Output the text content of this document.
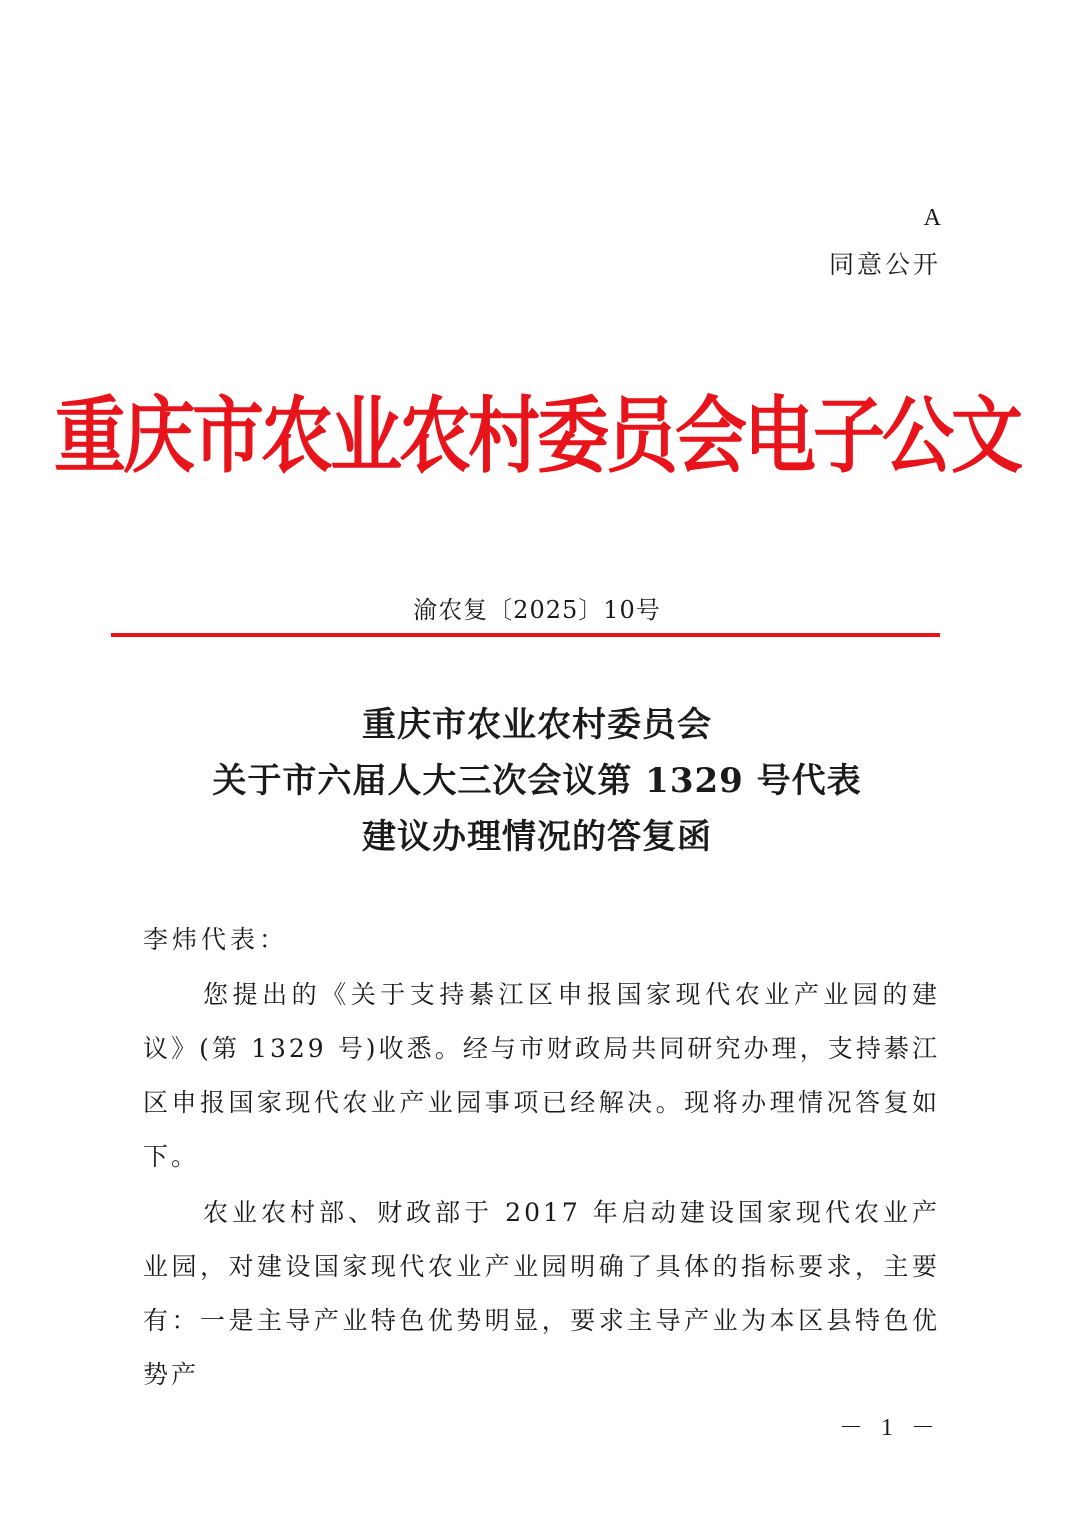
A
同意公开
重庆市农业农村委员会电子公文
渝农复〔2025〕10号
重庆市农业农村委员会
关于市六届人大三次会议第 1329 号代表
建议办理情况的答复函
李炜代表：

您提出的《关于支持綦江区申报国家现代农业产业园的建议》(第 1329 号)收悉。经与市财政局共同研究办理，支持綦江区申报国家现代农业产业园事项已经解决。现将办理情况答复如下。

农业农村部、财政部于 2017 年启动建设国家现代农业产业园，对建设国家现代农业产业园明确了具体的指标要求，主要有：一是主导产业特色优势明显，要求主导产业为本区县特色优势产

－ 1 －
